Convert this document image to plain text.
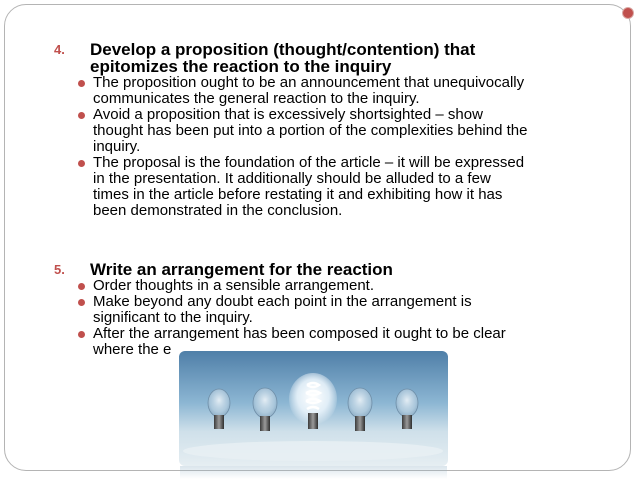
4. Develop a proposition (thought/contention) that
epitomizes the reaction to the inquiry
The proposition ought to be an announcement that unequivocally
communicates the general reaction to the inquiry.
Avoid a proposition that is excessively shortsighted – show
thought has been put into a portion of the complexities behind the
inquiry.
The proposal is the foundation of the article – it will be expressed
in the presentation. It additionally should be alluded to a few
times in the article before restating it and exhibiting how it has
been demonstrated in the conclusion.
5. Write an arrangement for the reaction
Order thoughts in a sensible arrangement.
Make beyond any doubt each point in the arrangement is
significant to the inquiry.
After the arrangement has been composed it ought to be clear
where the e
